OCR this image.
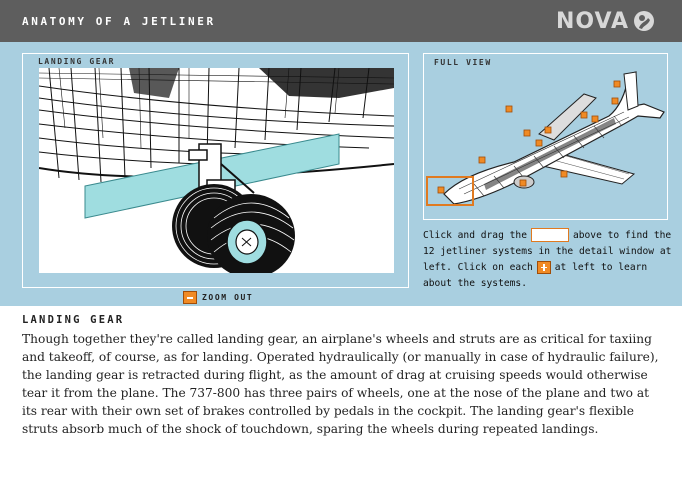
ANATOMY OF A JETLINER	NOVA
LANDING GEAR
ZOOM OUT
FULL VIEW
Click and drag the	above to find the 12 jetliner systems in the detail window at left. Click on each at left to learn about the systems.
LANDING GEAR
Though together they're called landing gear, an airplane's wheels and struts are as critical for taxiing and takeoff, of course, as for landing. Operated hydraulically (or manually in case of hydraulic failure), the landing gear is retracted during flight, as the amount of drag at cruising speeds would otherwise tear it from the plane. The 737-800 has three pairs of wheels, one at the nose of the plane and two at its rear with their own set of brakes controlled by pedals in the cockpit. The landing gear's flexible struts absorb much of the shock of touchdown, sparing the wheels during repeated landings.
